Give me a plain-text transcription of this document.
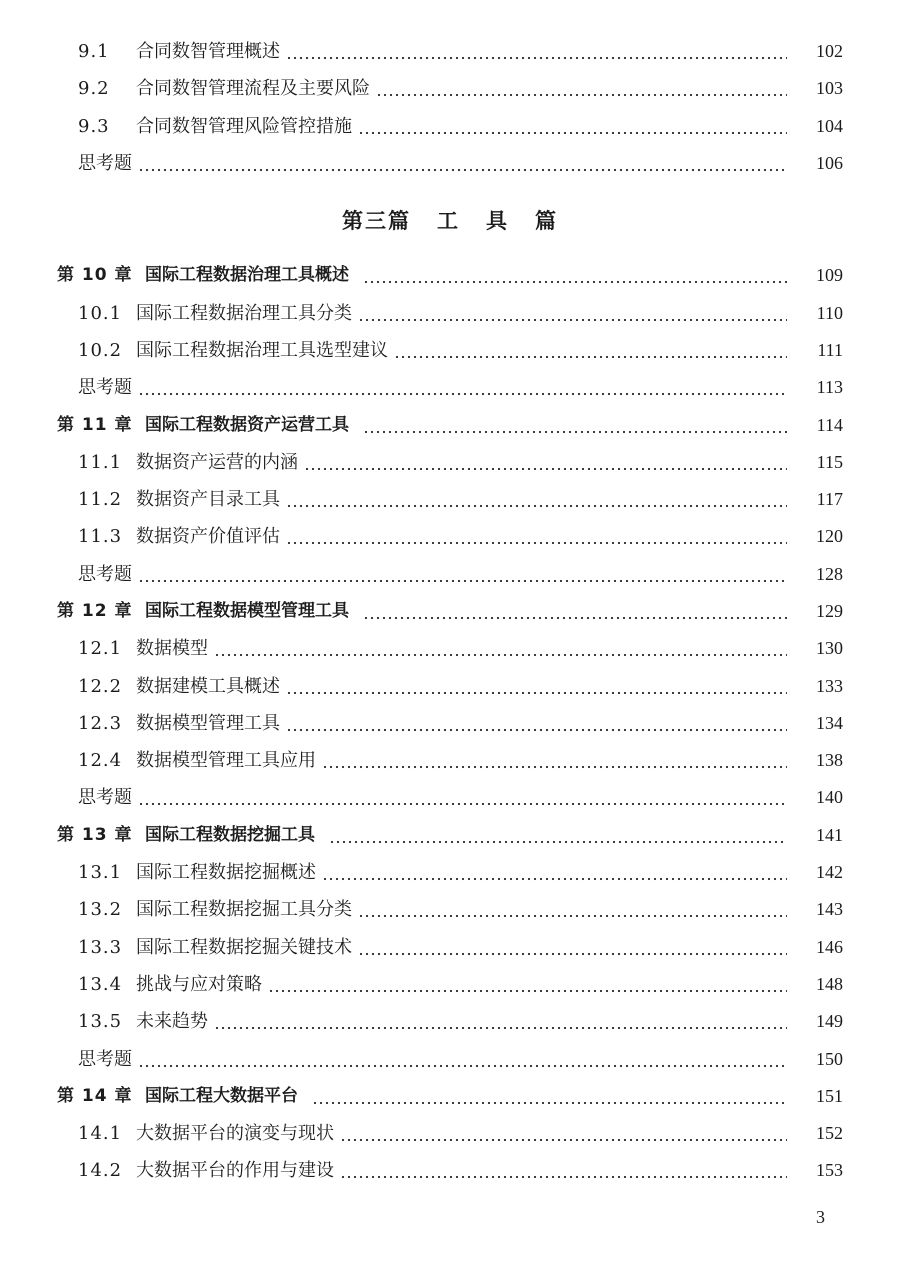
9.1	合同数智管理概述	102
9.2	合同数智管理流程及主要风险	103
9.3	合同数智管理风险管控措施	104
思考题	106
第三篇 工 具 篇
第 10 章 国际工程数据治理工具概述	109
10.1 国际工程数据治理工具分类	110
10.2 国际工程数据治理工具选型建议	111
思考题	113
第 11 章 国际工程数据资产运营工具	114
11.1 数据资产运营的内涵	115
11.2 数据资产目录工具	117
11.3 数据资产价值评估	120
思考题	128
第 12 章 国际工程数据模型管理工具	129
12.1 数据模型	130
12.2 数据建模工具概述	133
12.3 数据模型管理工具	134
12.4 数据模型管理工具应用	138
思考题	140
第 13 章 国际工程数据挖掘工具	141
13.1 国际工程数据挖掘概述	142
13.2 国际工程数据挖掘工具分类	143
13.3 国际工程数据挖掘关键技术	146
13.4 挑战与应对策略	148
13.5 未来趋势	149
思考题	150
第 14 章 国际工程大数据平台	151
14.1 大数据平台的演变与现状	152
14.2 大数据平台的作用与建设	153
3
